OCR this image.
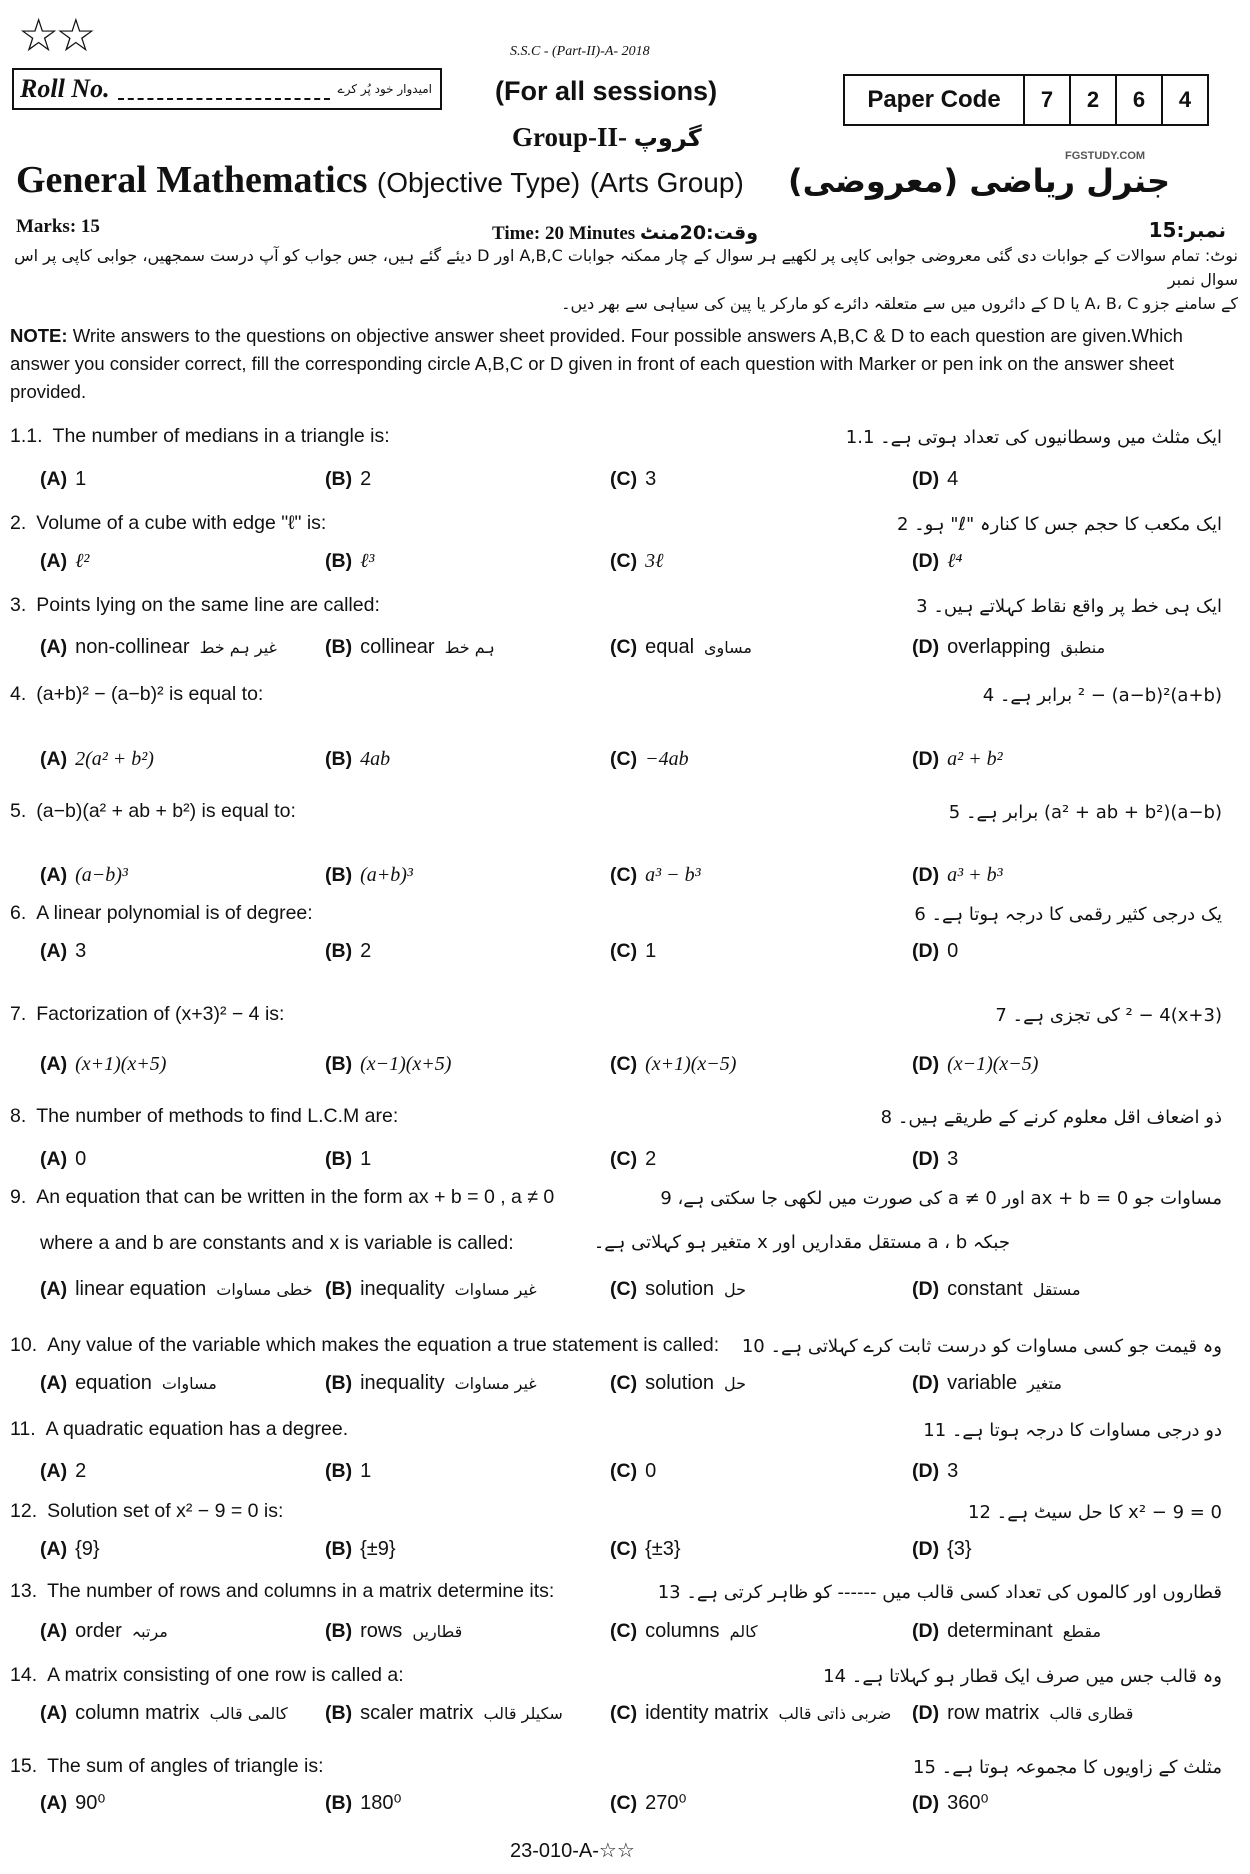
☆☆	S.S.C - (Part-II)-A- 2018
Roll No.	امیدوار خود پُر کرے (For all sessions)	Paper Code	7	2	6	4
Group-II- گروپ
General Mathematics (Objective Type) (Arts Group) جنرل ریاضی (معروضی)
FGSTUDY.COM
Marks: 15	Time: 20 Minutes وقت:20منٹ	نمبر:15
نوٹ: تمام سوالات کے جوابات دی گئی معروضی جوابی کاپی پر لکھیے ہر سوال کے چار ممکنہ جوابات A,B,C اور D دیئے گئے ہیں، جس جواب کو آپ درست سمجھیں، جوابی کاپی پر اس سوال نمبر
کے سامنے جزو A، B، C یا D کے دائروں میں سے متعلقہ دائرے کو مارکر یا پین کی سیاہی سے بھر دیں۔
NOTE: Write answers to the questions on objective answer sheet provided. Four possible answers A,B,C & D to each question are given.Which answer you consider correct, fill the corresponding circle A,B,C or D given in front of each question with Marker or pen ink on the answer sheet provided.
1.1. The number of medians in a triangle is:	ایک مثلث میں وسطانیوں کی تعداد ہوتی ہے۔ 1.1
(A) 1	(B) 2	(C) 3	(D) 4
2. Volume of a cube with edge "ℓ" is:	ایک مکعب کا حجم جس کا کنارہ "ℓ" ہو۔ 2
(A) ℓ²	(B) ℓ³	(C) 3ℓ	(D) ℓ⁴
3. Points lying on the same line are called:	ایک ہی خط پر واقع نقاط کہلاتے ہیں۔ 3
(A) non-collinear غیر ہم خط (B) collinear ہم خط	(C) equal مساوی	(D) overlapping منطبق
4. (a+b)² − (a−b)² is equal to:	(a+b)² − (a−b)² برابر ہے۔ 4
(A) 2(a² + b²)	(B) 4ab	(C) −4ab	(D) a² + b²
5. (a−b)(a² + ab + b²) is equal to:	(a−b)(a² + ab + b²) برابر ہے۔ 5
(A) (a−b)³	(B) (a+b)³	(C) a³ − b³	(D) a³ + b³
6. A linear polynomial is of degree:	یک درجی کثیر رقمی کا درجہ ہوتا ہے۔ 6
(A) 3	(B) 2	(C) 1	(D) 0
7. Factorization of (x+3)² − 4 is:	(x+3)² − 4 کی تجزی ہے۔ 7
(A) (x+1)(x+5)	(B) (x−1)(x+5)	(C) (x+1)(x−5)	(D) (x−1)(x−5)
8. The number of methods to find L.C.M are:	ذو اضعاف اقل معلوم کرنے کے طریقے ہیں۔ 8
(A) 0	(B) 1	(C) 2	(D) 3
9. An equation that can be written in the form ax + b = 0 , a ≠ 0	مساوات جو ax + b = 0 اور a ≠ 0 کی صورت میں لکھی جا سکتی ہے، 9
where a and b are constants and x is variable is called:	جبکہ a ، b مستقل مقداریں اور x متغیر ہو کہلاتی ہے۔
(A) linear equation خطی مساوات (B) inequality غیر مساوات	(C) solution حل	(D) constant مستقل
10. Any value of the variable which makes the equation a true statement is called: وہ قیمت جو کسی مساوات کو درست ثابت کرے کہلاتی ہے۔ 10
(A) equation مساوات	(B) inequality غیر مساوات	(C) solution حل	(D) variable متغیر
11. A quadratic equation has a degree.	دو درجی مساوات کا درجہ ہوتا ہے۔ 11
(A) 2	(B) 1	(C) 0	(D) 3
12. Solution set of x² − 9 = 0 is:	x² − 9 = 0 کا حل سیٹ ہے۔ 12
(A) {9}	(B) {±9}	(C) {±3}	(D) {3}
13. The number of rows and columns in a matrix determine its:	قطاروں اور کالموں کی تعداد کسی قالب میں ------ کو ظاہر کرتی ہے۔ 13
(A) order مرتبہ	(B) rows قطاریں	(C) columns کالم	(D) determinant مقطع
14. A matrix consisting of one row is called a:	وہ قالب جس میں صرف ایک قطار ہو کہلاتا ہے۔ 14
(A) column matrix کالمی قالب (B) scaler matrix سکیلر قالب (C) identity matrix ضربی ذاتی قالب (D) row matrix قطاری قالب
15. The sum of angles of triangle is:	مثلث کے زاویوں کا مجموعہ ہوتا ہے۔ 15
(A) 90⁰	(B) 180⁰	(C) 270⁰	(D) 360⁰
23-010-A-☆☆
